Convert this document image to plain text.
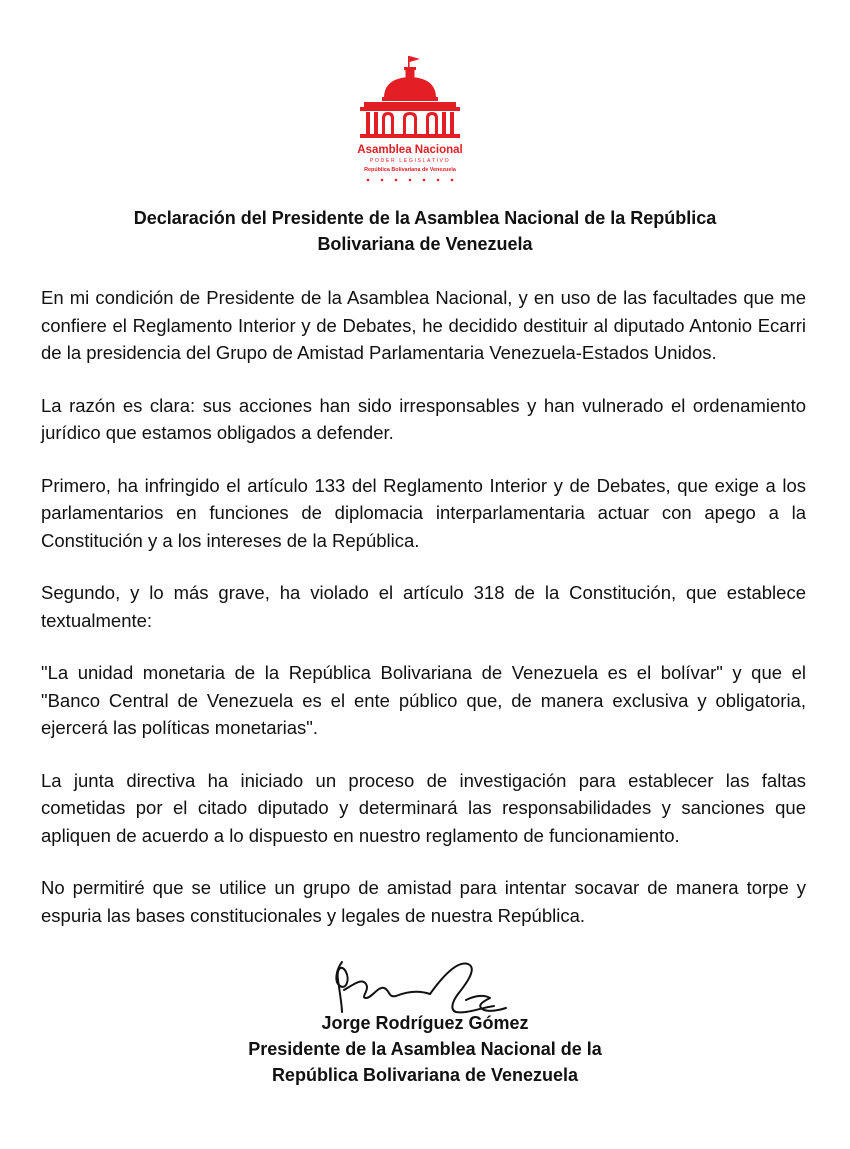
Asamblea Nacional
PODER LEGISLATIVO
República Bolivariana de Venezuela
Declaración del Presidente de la Asamblea Nacional de la República
Bolivariana de Venezuela

En mi condición de Presidente de la Asamblea Nacional, y en uso de las facultades que me confiere el Reglamento Interior y de Debates, he decidido destituir al diputado Antonio Ecarri de la presidencia del Grupo de Amistad Parlamentaria Venezuela-Estados Unidos.

La razón es clara: sus acciones han sido irresponsables y han vulnerado el ordenamiento jurídico que estamos obligados a defender.

Primero, ha infringido el artículo 133 del Reglamento Interior y de Debates, que exige a los parlamentarios en funciones de diplomacia interparlamentaria actuar con apego a la Constitución y a los intereses de la República.

Segundo, y lo más grave, ha violado el artículo 318 de la Constitución, que establece textualmente:

"La unidad monetaria de la República Bolivariana de Venezuela es el bolívar" y que el "Banco Central de Venezuela es el ente público que, de manera exclusiva y obligatoria, ejercerá las políticas monetarias".

La junta directiva ha iniciado un proceso de investigación para establecer las faltas cometidas por el citado diputado y determinará las responsabilidades y sanciones que apliquen de acuerdo a lo dispuesto en nuestro reglamento de funcionamiento.

No permitiré que se utilice un grupo de amistad para intentar socavar de manera torpe y espuria las bases constitucionales y legales de nuestra República.

Jorge Rodríguez Gómez
Presidente de la Asamblea Nacional de la
República Bolivariana de Venezuela
